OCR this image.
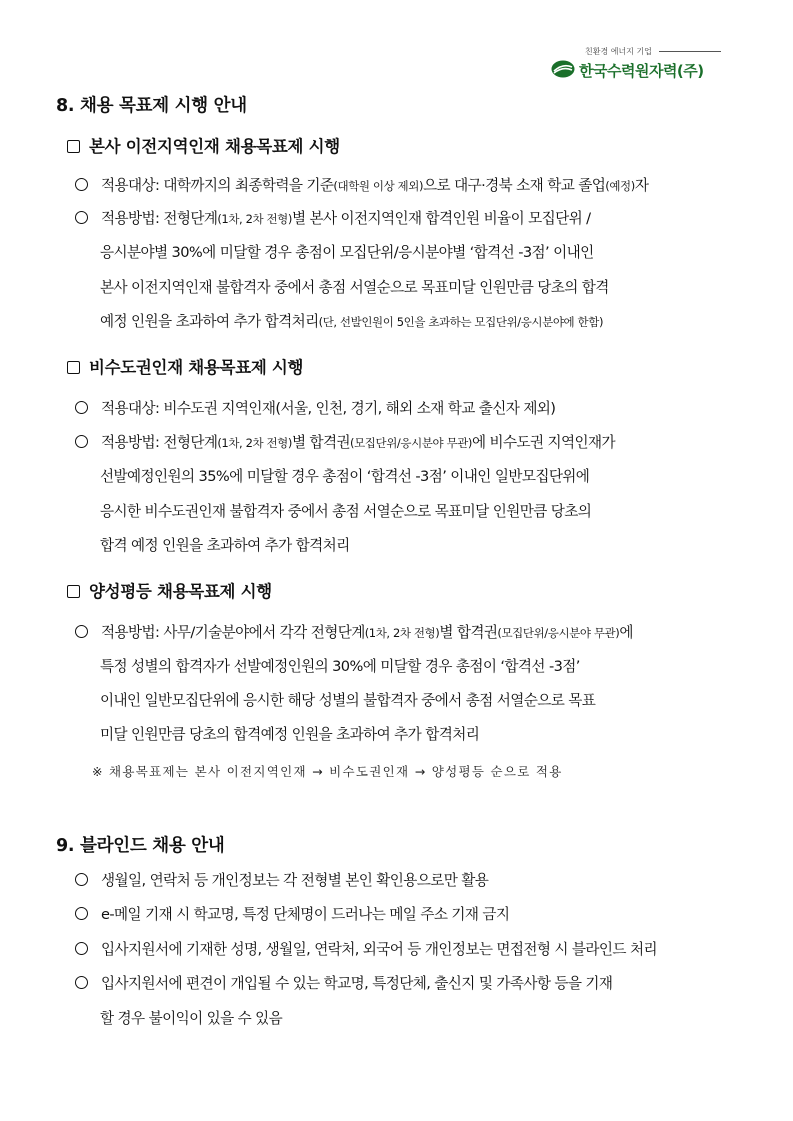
친환경 에너지 기업
한국수력원자력(주)
8. 채용 목표제 시행 안내
본사 이전지역인재 채용목표제 시행
적용대상: 대학까지의 최종학력을 기준(대학원 이상 제외)으로 대구·경북 소재 학교 졸업(예정)자
적용방법: 전형단계(1차, 2차 전형)별 본사 이전지역인재 합격인원 비율이 모집단위 /
응시분야별 30%에 미달할 경우 총점이 모집단위/응시분야별 ‘합격선 -3점’ 이내인
본사 이전지역인재 불합격자 중에서 총점 서열순으로 목표미달 인원만큼 당초의 합격
예정 인원을 초과하여 추가 합격처리(단, 선발인원이 5인을 초과하는 모집단위/응시분야에 한함)
비수도권인재 채용목표제 시행
적용대상: 비수도권 지역인재(서울, 인천, 경기, 해외 소재 학교 출신자 제외)
적용방법: 전형단계(1차, 2차 전형)별 합격권(모집단위/응시분야 무관)에 비수도권 지역인재가
선발예정인원의 35%에 미달할 경우 총점이 ‘합격선 -3점’ 이내인 일반모집단위에
응시한 비수도권인재 불합격자 중에서 총점 서열순으로 목표미달 인원만큼 당초의
합격 예정 인원을 초과하여 추가 합격처리
양성평등 채용목표제 시행
적용방법: 사무/기술분야에서 각각 전형단계(1차, 2차 전형)별 합격권(모집단위/응시분야 무관)에
특정 성별의 합격자가 선발예정인원의 30%에 미달할 경우 총점이 ‘합격선 -3점’
이내인 일반모집단위에 응시한 해당 성별의 불합격자 중에서 총점 서열순으로 목표
미달 인원만큼 당초의 합격예정 인원을 초과하여 추가 합격처리
※ 채용목표제는 본사 이전지역인재 → 비수도권인재 → 양성평등 순으로 적용
9. 블라인드 채용 안내
생월일, 연락처 등 개인정보는 각 전형별 본인 확인용으로만 활용
e-메일 기재 시 학교명, 특정 단체명이 드러나는 메일 주소 기재 금지
입사지원서에 기재한 성명, 생월일, 연락처, 외국어 등 개인정보는 면접전형 시 블라인드 처리
입사지원서에 편견이 개입될 수 있는 학교명, 특정단체, 출신지 및 가족사항 등을 기재
할 경우 불이익이 있을 수 있음
